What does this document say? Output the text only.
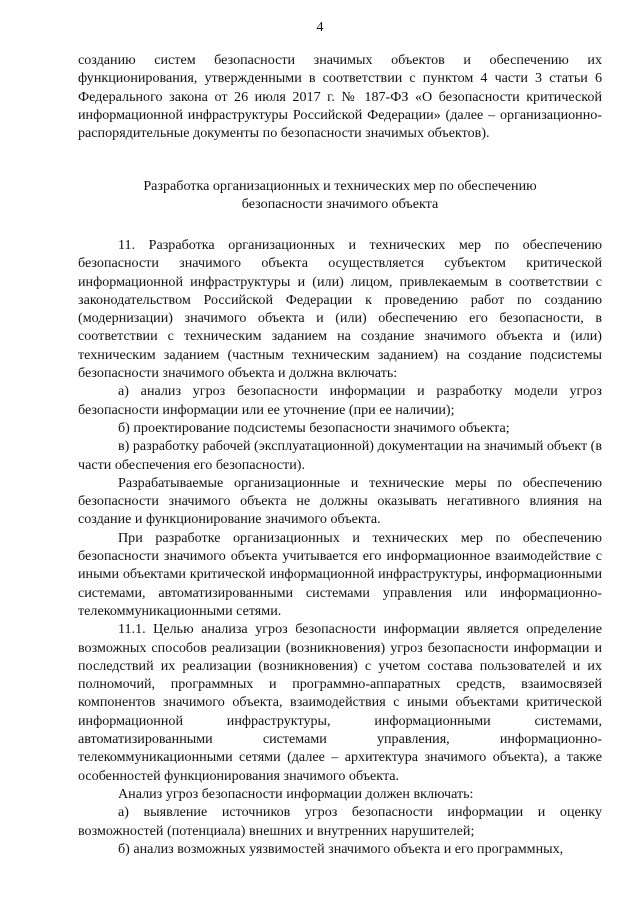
4

созданию систем безопасности значимых объектов и обеспечению их функционирования, утвержденными в соответствии с пунктом 4 части 3 статьи 6 Федерального закона от 26 июля 2017 г. № 187-ФЗ «О безопасности критической информационной инфраструктуры Российской Федерации» (далее – организационно-распорядительные документы по безопасности значимых объектов).

Разработка организационных и технических мер по обеспечению
безопасности значимого объекта

11. Разработка организационных и технических мер по обеспечению безопасности значимого объекта осуществляется субъектом критической информационной инфраструктуры и (или) лицом, привлекаемым в соответствии с законодательством Российской Федерации к проведению работ по созданию (модернизации) значимого объекта и (или) обеспечению его безопасности, в соответствии с техническим заданием на создание значимого объекта и (или) техническим заданием (частным техническим заданием) на создание подсистемы безопасности значимого объекта и должна включать:

а) анализ угроз безопасности информации и разработку модели угроз безопасности информации или ее уточнение (при ее наличии);

б) проектирование подсистемы безопасности значимого объекта;

в) разработку рабочей (эксплуатационной) документации на значимый объект (в части обеспечения его безопасности).

Разрабатываемые организационные и технические меры по обеспечению безопасности значимого объекта не должны оказывать негативного влияния на создание и функционирование значимого объекта.

При разработке организационных и технических мер по обеспечению безопасности значимого объекта учитывается его информационное взаимодействие с иными объектами критической информационной инфраструктуры, информационными системами, автоматизированными системами управления или информационно-телекоммуникационными сетями.

11.1. Целью анализа угроз безопасности информации является определение возможных способов реализации (возникновения) угроз безопасности информации и последствий их реализации (возникновения) с учетом состава пользователей и их полномочий, программных и программно-аппаратных средств, взаимосвязей компонентов значимого объекта, взаимодействия с иными объектами критической информационной инфраструктуры, информационными системами, автоматизированными системами управления, информационно-телекоммуникационными сетями (далее – архитектура значимого объекта), а также особенностей функционирования значимого объекта.

Анализ угроз безопасности информации должен включать:

а) выявление источников угроз безопасности информации и оценку возможностей (потенциала) внешних и внутренних нарушителей;

б) анализ возможных уязвимостей значимого объекта и его программных,
